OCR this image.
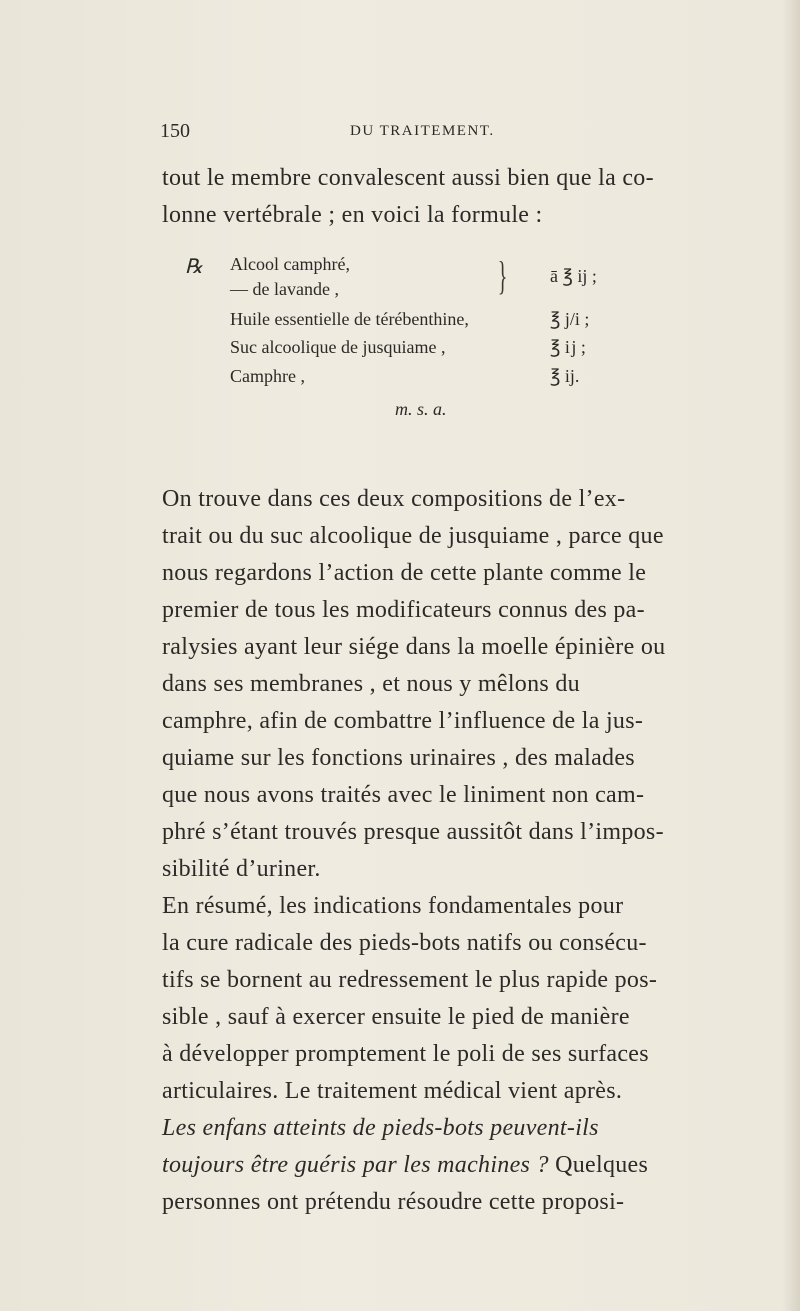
150	DU TRAITEMENT.
tout le membre convalescent aussi bien que la co-
lonne vertébrale ; en voici la formule :
℞ Alcool camphré,
— de lavande ,
Huile essentielle de térébenthine,
Suc alcoolique de jusquiame ,
Camphre ,
} ā ℥ ij ;
℥ j/i ;
℥ i j ;
℥ ij.
m. s. a.
On trouve dans ces deux compositions de l’ex-
trait ou du suc alcoolique de jusquiame , parce que
nous regardons l’action de cette plante comme le
premier de tous les modificateurs connus des pa-
ralysies ayant leur siége dans la moelle épinière ou
dans ses membranes , et nous y mêlons du
camphre, afin de combattre l’influence de la jus-
quiame sur les fonctions urinaires , des malades
que nous avons traités avec le liniment non cam-
phré s’étant trouvés presque aussitôt dans l’impos-
sibilité d’uriner.
En résumé, les indications fondamentales pour
la cure radicale des pieds-bots natifs ou consécu-
tifs se bornent au redressement le plus rapide pos-
sible , sauf à exercer ensuite le pied de manière
à développer promptement le poli de ses surfaces
articulaires. Le traitement médical vient après.
Les enfans atteints de pieds-bots peuvent-ils
toujours être guéris par les machines ? Quelques
personnes ont prétendu résoudre cette proposi-
